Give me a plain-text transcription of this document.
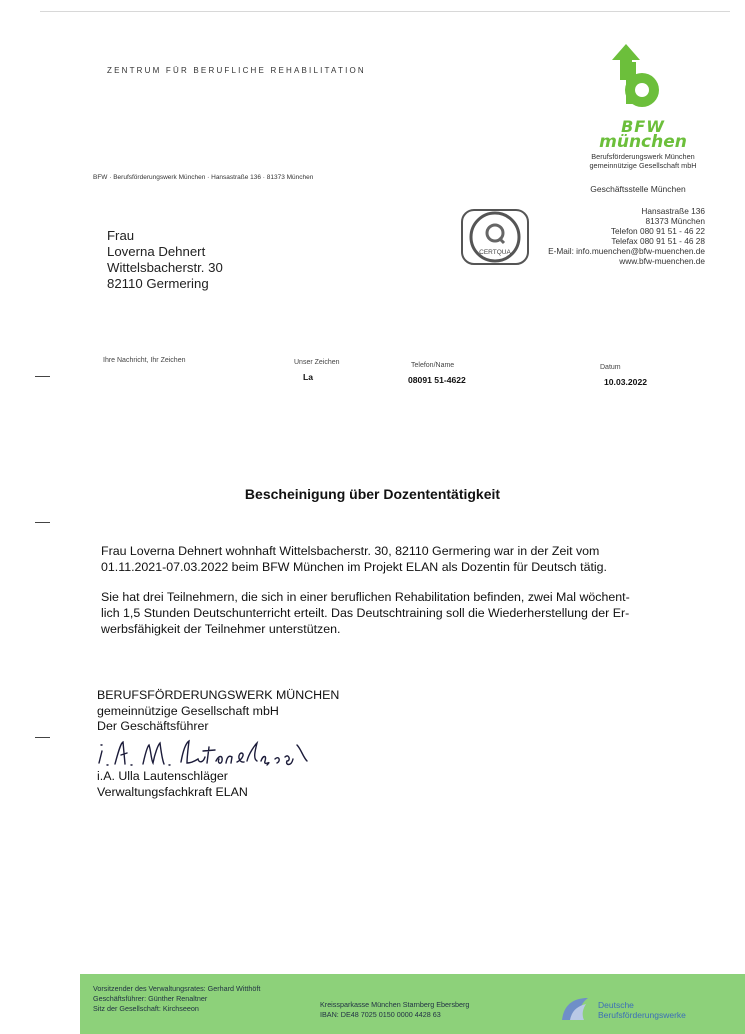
ZENTRUM FÜR BERUFLICHE REHABILITATION
BFW · Berufsförderungswerk München · Hansastraße 136 · 81373 München
Frau
Loverna Dehnert
Wittelsbacherstr. 30
82110 Germering
BFW
münchen
Berufsförderungswerk München
gemeinnützige Gesellschaft mbH
Geschäftsstelle München
Hansastraße 136
81373 München
Telefon 080 91 51 - 46 22
Telefax 080 91 51 - 46 28
E-Mail: info.muenchen@bfw-muenchen.de
www.bfw-muenchen.de
CERTQUA
Ihre Nachricht, Ihr Zeichen	Unser Zeichen
La
Telefon/Name
08091 51-4622
Datum
10.03.2022
Bescheinigung über Dozententätigkeit
Frau Loverna Dehnert wohnhaft Wittelsbacherstr. 30, 82110 Germering war in der Zeit vom
01.11.2021-07.03.2022 beim BFW München im Projekt ELAN als Dozentin für Deutsch tätig.
Sie hat drei Teilnehmern, die sich in einer beruflichen Rehabilitation befinden, zwei Mal wöchent-
lich 1,5 Stunden Deutschunterricht erteilt. Das Deutschtraining soll die Wiederherstellung der Er-
werbsfähigkeit der Teilnehmer unterstützen.
BERUFSFÖRDERUNGSWERK MÜNCHEN
gemeinnützige Gesellschaft mbH
Der Geschäftsführer
i.A. Ulla Lautenschläger
Verwaltungsfachkraft ELAN
Vorsitzender des Verwaltungsrates: Gerhard Witthöft
Geschäftsführer: Günther Renaltner
Sitz der Gesellschaft: Kirchseeon	Kreissparkasse München Starnberg Ebersberg
IBAN: DE48 7025 0150 0000 4428 63
Deutsche
Berufsförderungswerke
